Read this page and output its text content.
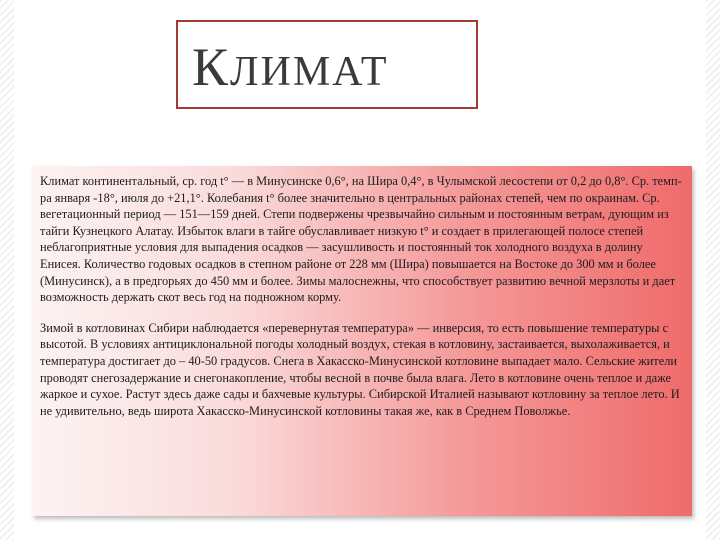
КЛИМАТ

Климат континентальный, ср. год t° — в Минусинске 0,6°, на Шира 0,4°, в Чулымской лесостепи от 0,2 до 0,8°. Ср. темп-ра января -18°, июля до +21,1°. Колебания t° более значительно в центральных районах степей, чем по окраинам. Ср. вегетационный период — 151—159 дней. Степи подвержены чрезвычайно сильным и постоянным ветрам, дующим из тайги Кузнецкого Алатау. Избыток влаги в тайге обуславливает низкую t° и создает в прилегающей полосе степей неблагоприятные условия для выпадения осадков — засушливость и постоянный ток холодного воздуха в долину Енисея. Количество годовых осадков в степном районе от 228 мм (Шира) повышается на Востоке до 300 мм и более (Минусинск), а в предгорьях до 450 мм и более. Зимы малоснежны, что способствует развитию вечной мерзлоты и дает возможность держать скот весь год на подножном корму.

Зимой в котловинах Сибири наблюдается «перевернутая температура» — инверсия, то есть повышение температуры с высотой. В условиях антициклональной погоды холодный воздух, стекая в котловину, застаивается, выхолаживается, и температура достигает до – 40-50 градусов. Снега в Хакасско-Минусинской котловине выпадает мало. Сельские жители проводят снегозадержание и снегонакопление, чтобы весной в почве была влага. Лето в котловине очень теплое и даже жаркое и сухое. Растут здесь даже сады и бахчевые культуры. Сибирской Италией называют котловину за теплое лето. И не удивительно, ведь широта Хакасско-Минусинской котловины такая же, как в Среднем Поволжье.
